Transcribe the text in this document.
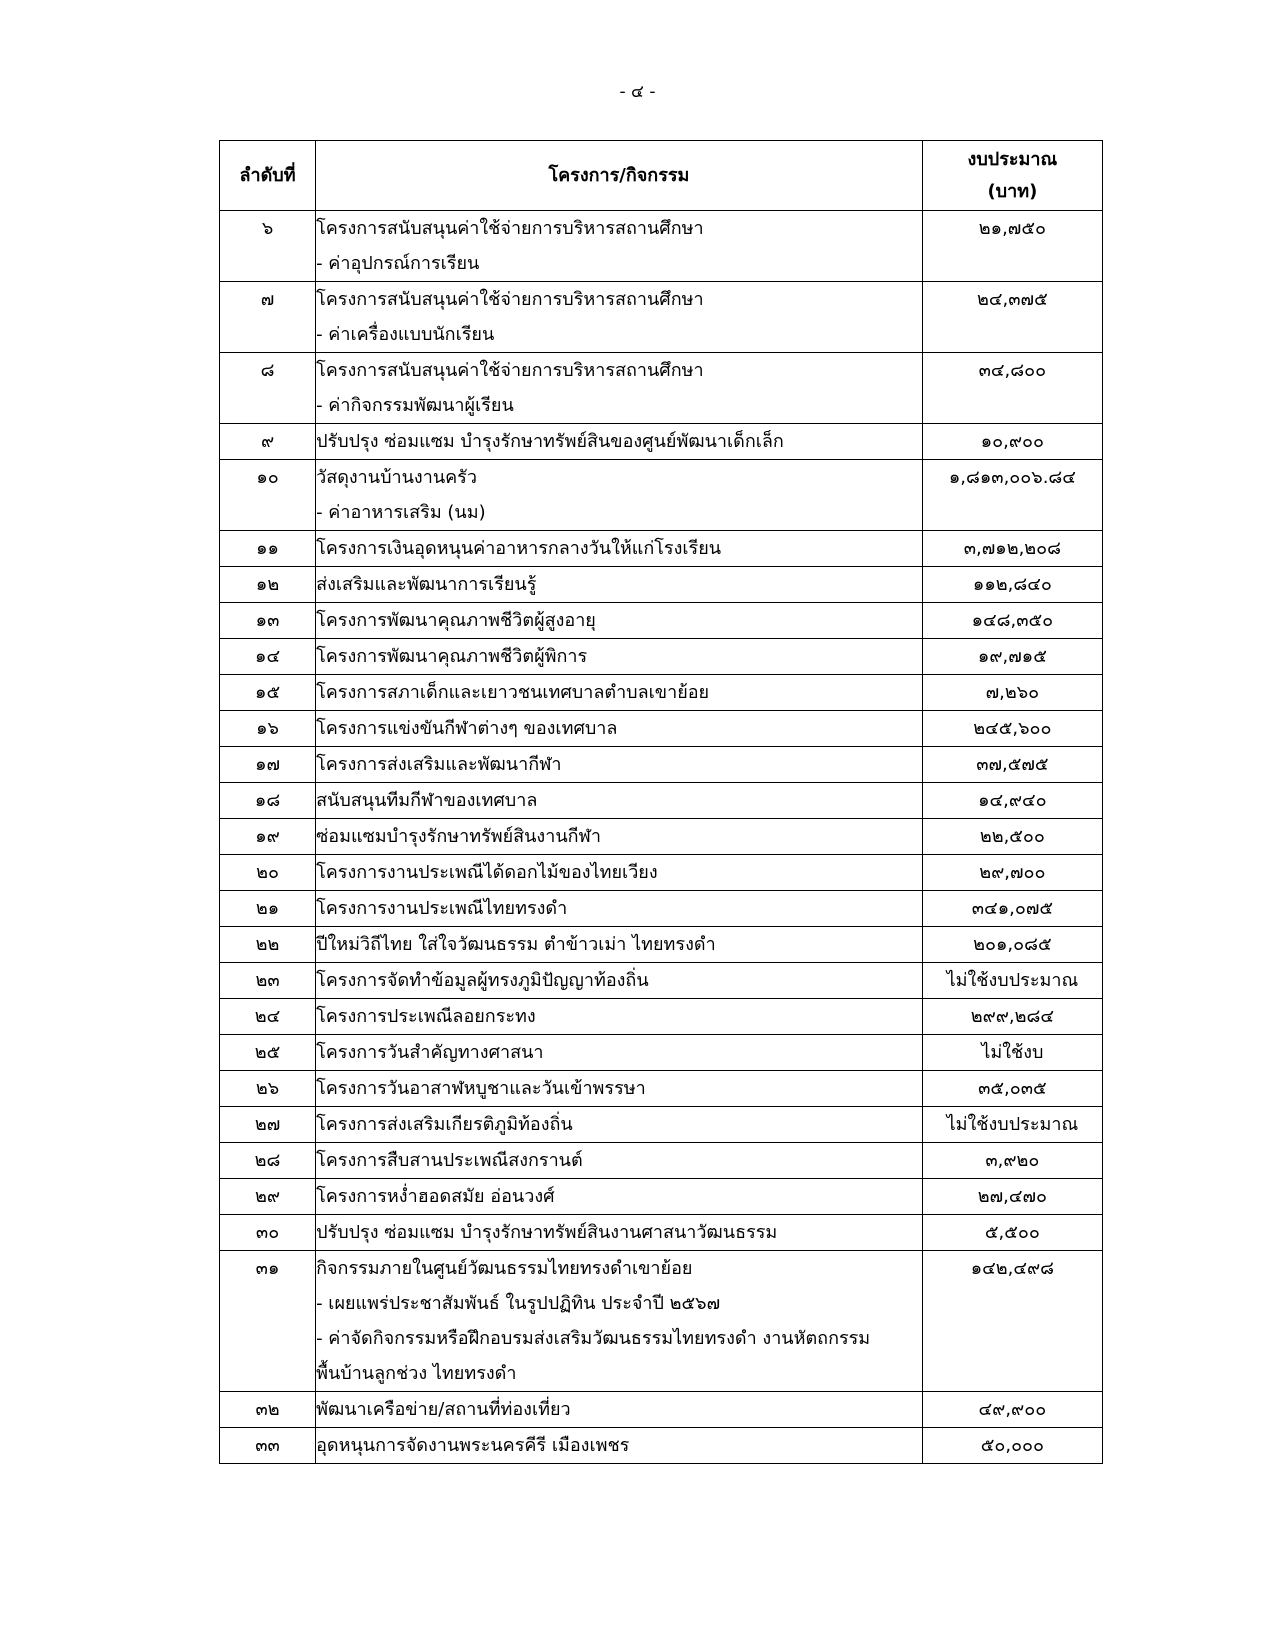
- ๔ -
ลำดับที่	โครงการ/กิจกรรม	งบประมาณ
(บาท)

๖	โครงการสนับสนุนค่าใช้จ่ายการบริหารสถานศึกษา
- ค่าอุปกรณ์การเรียน	๒๑,๗๕๐

๗	โครงการสนับสนุนค่าใช้จ่ายการบริหารสถานศึกษา
- ค่าเครื่องแบบนักเรียน	๒๔,๓๗๕

๘	โครงการสนับสนุนค่าใช้จ่ายการบริหารสถานศึกษา
- ค่ากิจกรรมพัฒนาผู้เรียน	๓๔,๘๐๐

๙	ปรับปรุง ซ่อมแซม บำรุงรักษาทรัพย์สินของศูนย์พัฒนาเด็กเล็ก	๑๐,๙๐๐

๑๐	วัสดุงานบ้านงานครัว
- ค่าอาหารเสริม (นม)	๑,๘๑๓,๐๐๖.๘๔

๑๑	โครงการเงินอุดหนุนค่าอาหารกลางวันให้แก่โรงเรียน	๓,๗๑๒,๒๐๘

๑๒	ส่งเสริมและพัฒนาการเรียนรู้	๑๑๒,๘๔๐

๑๓	โครงการพัฒนาคุณภาพชีวิตผู้สูงอายุ	๑๔๘,๓๕๐

๑๔	โครงการพัฒนาคุณภาพชีวิตผู้พิการ	๑๙,๗๑๕

๑๕	โครงการสภาเด็กและเยาวชนเทศบาลตำบลเขาย้อย	๗,๒๖๐

๑๖	โครงการแข่งขันกีฬาต่างๆ ของเทศบาล	๒๔๕,๖๐๐

๑๗	โครงการส่งเสริมและพัฒนากีฬา	๓๗,๕๗๕

๑๘	สนับสนุนทีมกีฬาของเทศบาล	๑๔,๙๔๐

๑๙	ซ่อมแซมบำรุงรักษาทรัพย์สินงานกีฬา	๒๒,๕๐๐

๒๐	โครงการงานประเพณีได้ดอกไม้ของไทยเวียง	๒๙,๗๐๐

๒๑	โครงการงานประเพณีไทยทรงดำ	๓๔๑,๐๗๕

๒๒	ปีใหม่วิถีไทย ใส่ใจวัฒนธรรม ตำข้าวเม่า ไทยทรงดำ	๒๐๑,๐๘๕

๒๓	โครงการจัดทำข้อมูลผู้ทรงภูมิปัญญาท้องถิ่น	ไม่ใช้งบประมาณ

๒๔	โครงการประเพณีลอยกระทง	๒๙๙,๒๘๔

๒๕	โครงการวันสำคัญทางศาสนา	ไม่ใช้งบ

๒๖	โครงการวันอาสาฬหบูชาและวันเข้าพรรษา	๓๕,๐๓๕

๒๗	โครงการส่งเสริมเกียรติภูมิท้องถิ่น	ไม่ใช้งบประมาณ

๒๘	โครงการสืบสานประเพณีสงกรานต์	๓,๙๒๐

๒๙	โครงการหง่ำฮอดสมัย อ่อนวงศ์	๒๗,๔๗๐

๓๐	ปรับปรุง ซ่อมแซม บำรุงรักษาทรัพย์สินงานศาสนาวัฒนธรรม	๕,๕๐๐

๓๑	กิจกรรมภายในศูนย์วัฒนธรรมไทยทรงดำเขาย้อย
- เผยแพร่ประชาสัมพันธ์ ในรูปปฏิทิน ประจำปี ๒๕๖๗
- ค่าจัดกิจกรรมหรือฝึกอบรมส่งเสริมวัฒนธรรมไทยทรงดำ งานหัตถกรรม
พื้นบ้านลูกช่วง ไทยทรงดำ	๑๔๒,๔๙๘

๓๒	พัฒนาเครือข่าย/สถานที่ท่องเที่ยว	๔๙,๙๐๐

๓๓	อุดหนุนการจัดงานพระนครคีรี เมืองเพชร	๕๐,๐๐๐
